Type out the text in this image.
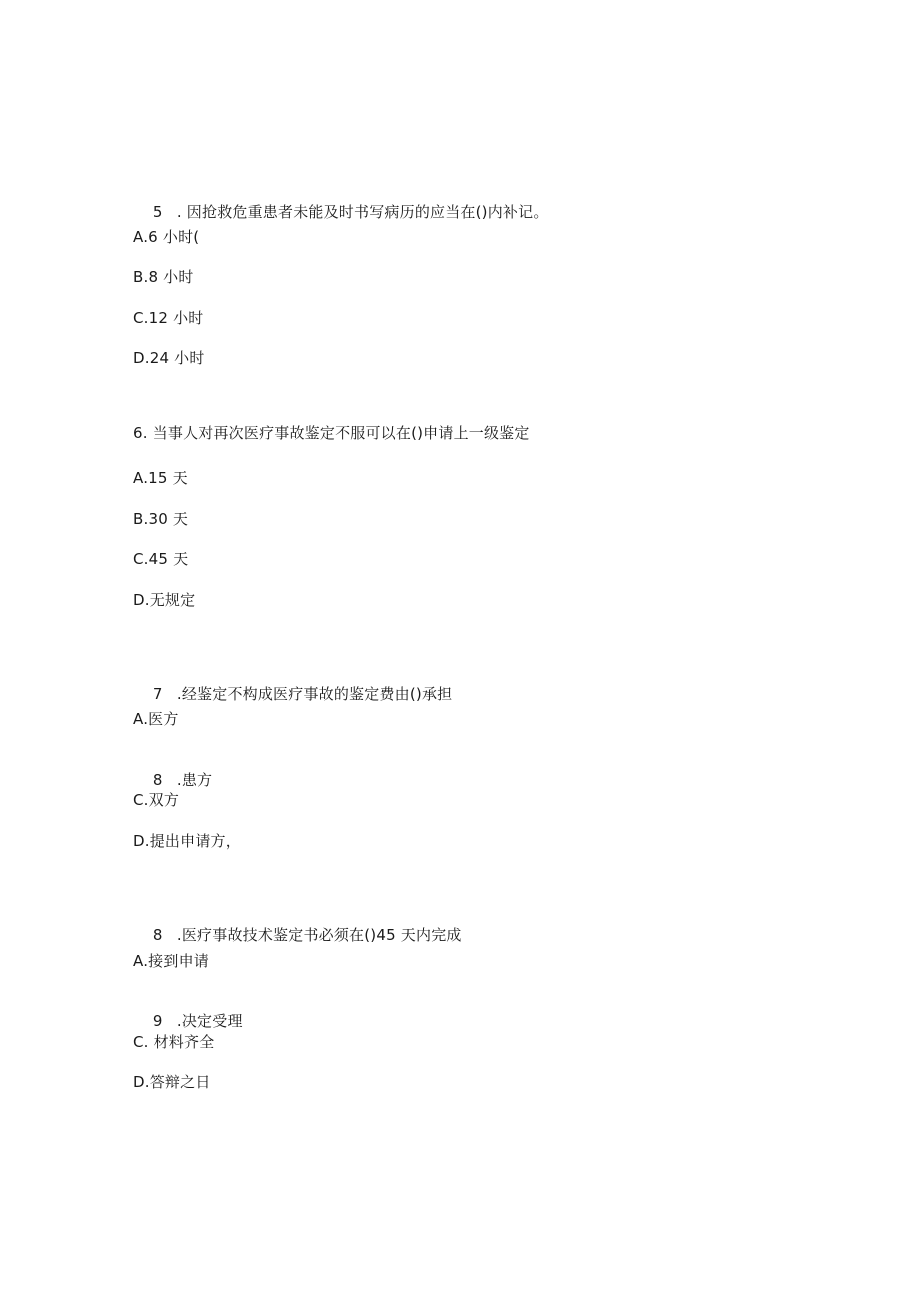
5 . 因抢救危重患者未能及时书写病历的应当在()内补记。

A.6 小时(
B.8 小时
C.12 小时
D.24 小时
6. 当事人对再次医疗事故鉴定不服可以在()申请上一级鉴定
A.15 天
B.30 天
C.45 天
D.无规定

7 .经鉴定不构成医疗事故的鉴定费由()承担

A.医方

8 .患方

C.双方
D.提出申请方，

8 .医疗事故技术鉴定书必须在()45 天内完成

A.接到申请

9 .决定受理

C. 材料齐全
D.答辩之日
